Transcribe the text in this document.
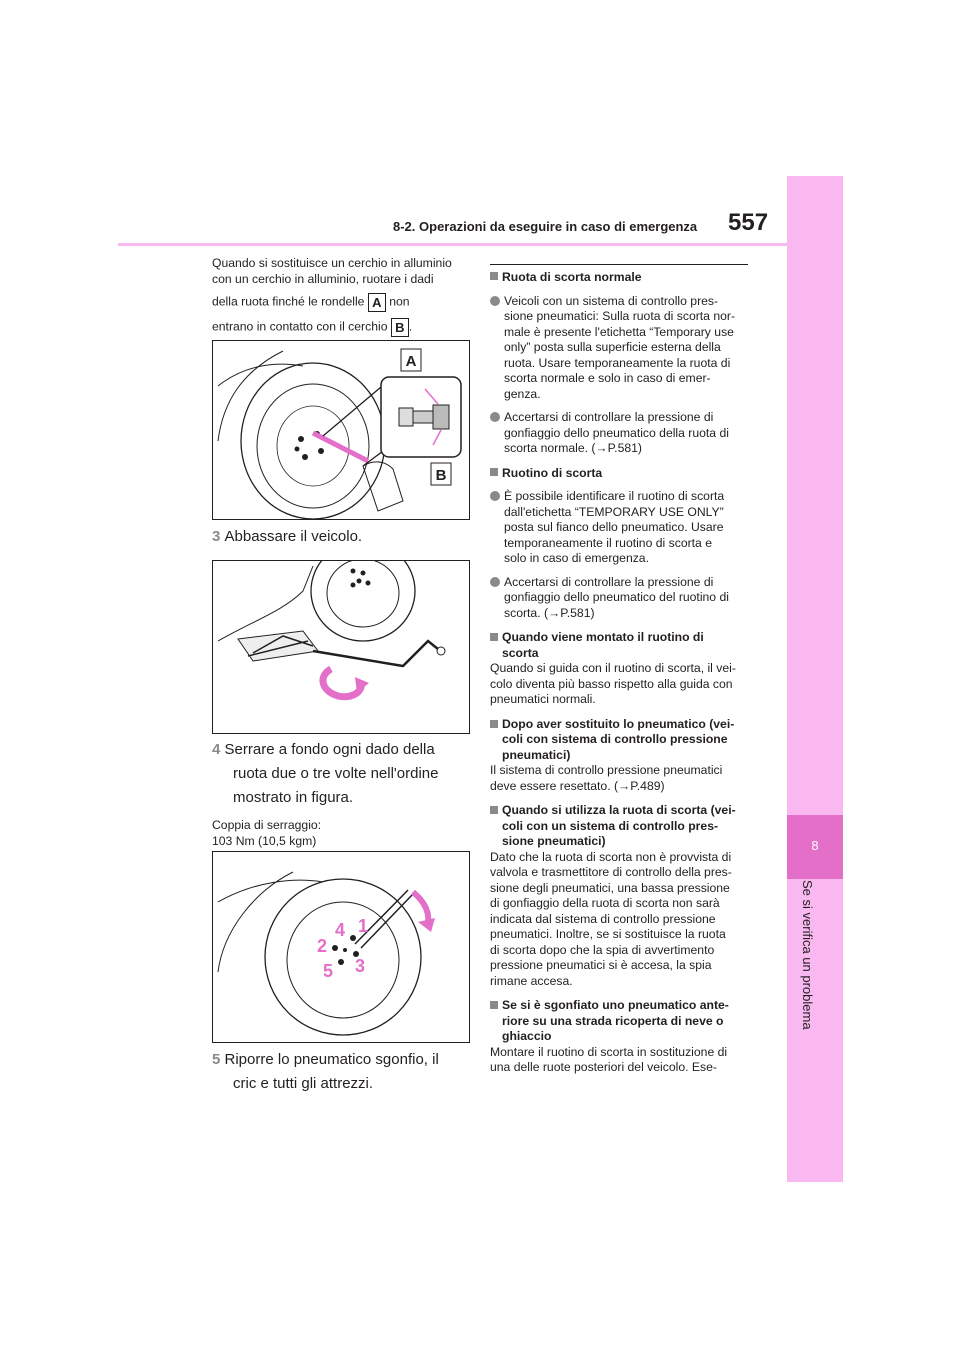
8-2. Operazioni da eseguire in caso di emergenza 557
8
Se si verifica un problema
Quando si sostituisce un cerchio in alluminio
con un cerchio in alluminio, ruotare i dadi
della ruota finché le rondelle A non
entrano in contatto con il cerchio B .
A
B
3 Abbassare il veicolo.
4 Serrare a fondo ogni dado della
ruota due o tre volte nell'ordine
mostrato in figura.
Coppia di serraggio:
103 Nm (10,5 kgm)
1
2
3
4
5
5 Riporre lo pneumatico sgonfio, il
cric e tutti gli attrezzi.
Ruota di scorta normale
Veicoli con un sistema di controllo pres-
sione pneumatici: Sulla ruota di scorta nor-
male è presente l'etichetta “Temporary use
only” posta sulla superficie esterna della
ruota. Usare temporaneamente la ruota di
scorta normale e solo in caso di emer-
genza.
Accertarsi di controllare la pressione di
gonfiaggio dello pneumatico della ruota di
scorta normale. (→P.581)
Ruotino di scorta
È possibile identificare il ruotino di scorta
dall'etichetta “TEMPORARY USE ONLY”
posta sul fianco dello pneumatico. Usare
temporaneamente il ruotino di scorta e
solo in caso di emergenza.
Accertarsi di controllare la pressione di
gonfiaggio dello pneumatico del ruotino di
scorta. (→P.581)
Quando viene montato il ruotino di
scorta
Quando si guida con il ruotino di scorta, il vei-
colo diventa più basso rispetto alla guida con
pneumatici normali.
Dopo aver sostituito lo pneumatico (vei-
coli con sistema di controllo pressione
pneumatici)
Il sistema di controllo pressione pneumatici
deve essere resettato. (→P.489)
Quando si utilizza la ruota di scorta (vei-
coli con un sistema di controllo pres-
sione pneumatici)
Dato che la ruota di scorta non è provvista di
valvola e trasmettitore di controllo della pres-
sione degli pneumatici, una bassa pressione
di gonfiaggio della ruota di scorta non sarà
indicata dal sistema di controllo pressione
pneumatici. Inoltre, se si sostituisce la ruota
di scorta dopo che la spia di avvertimento
pressione pneumatici si è accesa, la spia
rimane accesa.
Se si è sgonfiato uno pneumatico ante-
riore su una strada ricoperta di neve o
ghiaccio
Montare il ruotino di scorta in sostituzione di
una delle ruote posteriori del veicolo. Ese-
